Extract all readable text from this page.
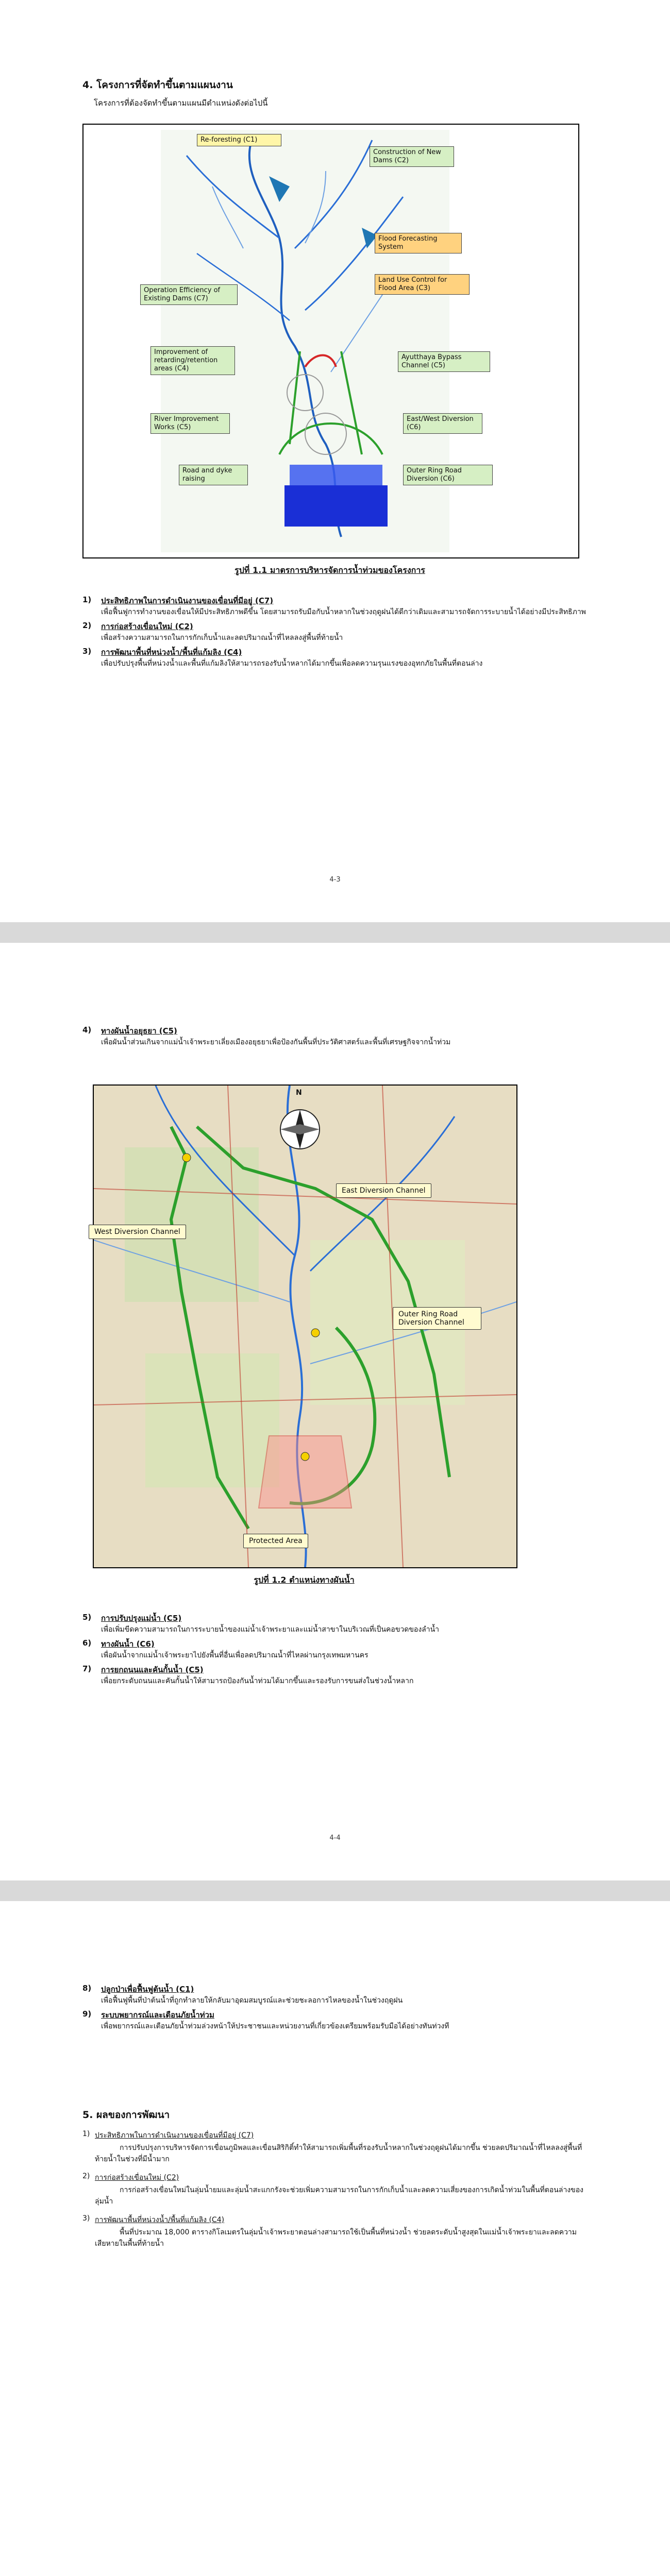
4. โครงการที่จัดทำขึ้นตามแผนงาน

โครงการที่ต้องจัดทำขึ้นตามแผนมีตำแหน่งดังต่อไปนี้

Re-foresting (C1)
Construction of New Dams (C2)
Flood Forecasting System
Land Use Control for Flood Area (C3)
Operation Efficiency of Existing Dams (C7)
Improvement of retarding/retention areas (C4)
Ayutthaya Bypass Channel (C5)
River Improvement Works (C5)
East/West Diversion (C6)
Road and dyke raising
Outer Ring Road Diversion (C6)
รูปที่ 1.1 มาตรการบริหารจัดการน้ำท่วมของโครงการ
1)	ประสิทธิภาพในการดำเนินงานของเขื่อนที่มีอยู่ (C7)
เพื่อฟื้นฟูการทำงานของเขื่อนให้มีประสิทธิภาพดีขึ้น โดยสามารถรับมือกับน้ำหลากในช่วงฤดูฝนได้ดีกว่าเดิมและสามารถจัดการระบายน้ำได้อย่างมีประสิทธิภาพ
2)	การก่อสร้างเขื่อนใหม่ (C2)
เพื่อสร้างความสามารถในการกักเก็บน้ำและลดปริมาณน้ำที่ไหลลงสู่พื้นที่ท้ายน้ำ
3)	การพัฒนาพื้นที่หน่วงน้ำ/พื้นที่แก้มลิง (C4)
เพื่อปรับปรุงพื้นที่หน่วงน้ำและพื้นที่แก้มลิงให้สามารถรองรับน้ำหลากได้มากขึ้นเพื่อลดความรุนแรงของอุทกภัยในพื้นที่ตอนล่าง
4-3
4)	ทางผันน้ำอยุธยา (C5)
เพื่อผันน้ำส่วนเกินจากแม่น้ำเจ้าพระยาเลี่ยงเมืองอยุธยาเพื่อป้องกันพื้นที่ประวัติศาสตร์และพื้นที่เศรษฐกิจจากน้ำท่วม
N
East Diversion Channel
West Diversion Channel
Outer Ring Road Diversion Channel
Protected Area
รูปที่ 1.2 ตำแหน่งทางผันน้ำ
5)	การปรับปรุงแม่น้ำ (C5)
เพื่อเพิ่มขีดความสามารถในการระบายน้ำของแม่น้ำเจ้าพระยาและแม่น้ำสาขาในบริเวณที่เป็นคอขวดของลำน้ำ
6)	ทางผันน้ำ (C6)
เพื่อผันน้ำจากแม่น้ำเจ้าพระยาไปยังพื้นที่อื่นเพื่อลดปริมาณน้ำที่ไหลผ่านกรุงเทพมหานคร
7)	การยกถนนและคันกั้นน้ำ (C5)
เพื่อยกระดับถนนและคันกั้นน้ำให้สามารถป้องกันน้ำท่วมได้มากขึ้นและรองรับการขนส่งในช่วงน้ำหลาก
4-4
8)	ปลูกป่าเพื่อฟื้นฟูต้นน้ำ (C1)
เพื่อฟื้นฟูพื้นที่ป่าต้นน้ำที่ถูกทำลายให้กลับมาอุดมสมบูรณ์และช่วยชะลอการไหลของน้ำในช่วงฤดูฝน
9)	ระบบพยากรณ์และเตือนภัยน้ำท่วม
เพื่อพยากรณ์และเตือนภัยน้ำท่วมล่วงหน้าให้ประชาชนและหน่วยงานที่เกี่ยวข้องเตรียมพร้อมรับมือได้อย่างทันท่วงที

5. ผลของการพัฒนา

1) ประสิทธิภาพในการดำเนินงานของเขื่อนที่มีอยู่ (C7)
การปรับปรุงการบริหารจัดการเขื่อนภูมิพลและเขื่อนสิริกิติ์ทำให้สามารถเพิ่มพื้นที่รองรับน้ำหลากในช่วงฤดูฝนได้มากขึ้น ช่วยลดปริมาณน้ำที่ไหลลงสู่พื้นที่ท้ายน้ำในช่วงที่มีน้ำมาก
2) การก่อสร้างเขื่อนใหม่ (C2)
การก่อสร้างเขื่อนใหม่ในลุ่มน้ำยมและลุ่มน้ำสะแกกรังจะช่วยเพิ่มความสามารถในการกักเก็บน้ำและลดความเสี่ยงของการเกิดน้ำท่วมในพื้นที่ตอนล่างของลุ่มน้ำ
3) การพัฒนาพื้นที่หน่วงน้ำ/พื้นที่แก้มลิง (C4)
พื้นที่ประมาณ 18,000 ตารางกิโลเมตรในลุ่มน้ำเจ้าพระยาตอนล่างสามารถใช้เป็นพื้นที่หน่วงน้ำ ช่วยลดระดับน้ำสูงสุดในแม่น้ำเจ้าพระยาและลดความเสียหายในพื้นที่ท้ายน้ำ
